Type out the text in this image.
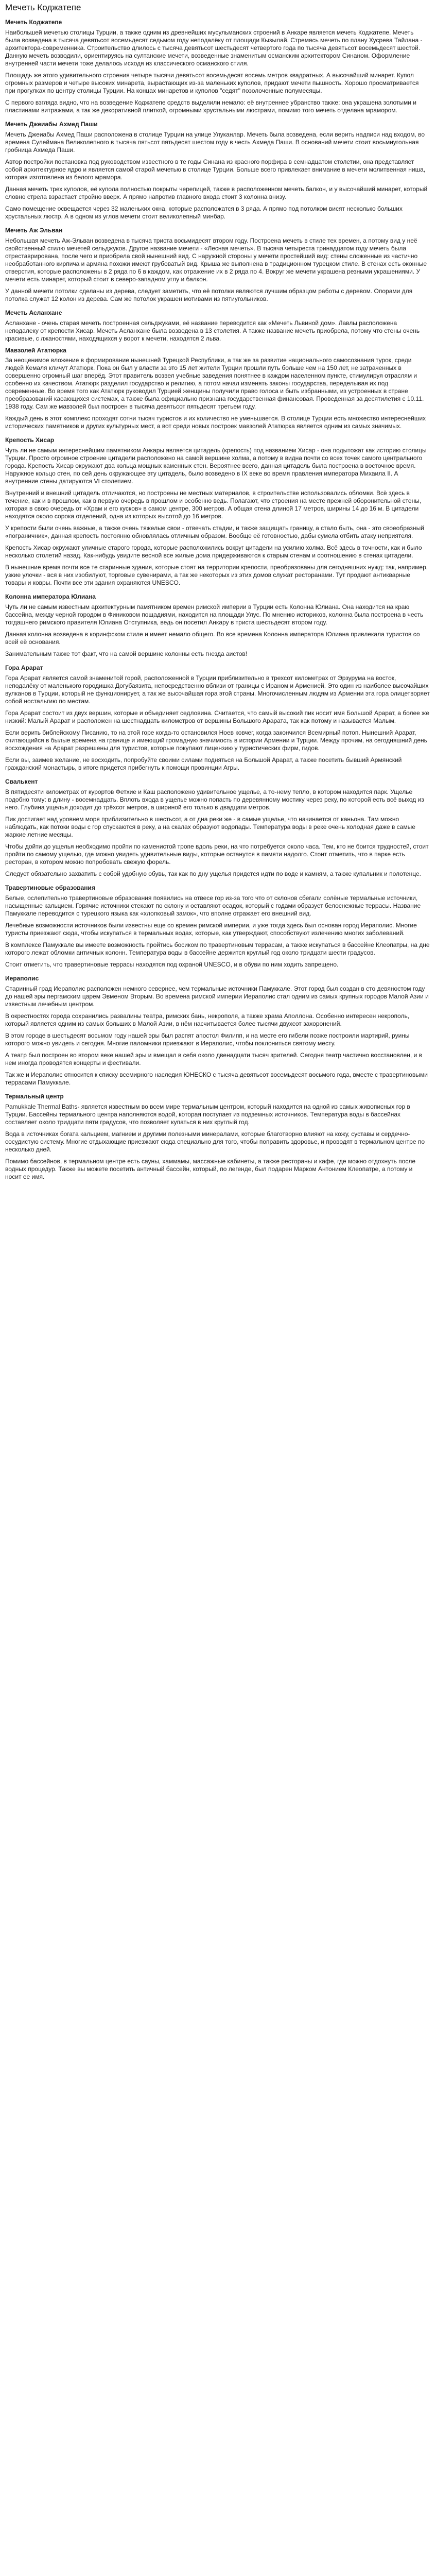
Мечеть Коджатепе
Мечеть Коджатепе

Наибольшей мечетью столицы Турции, а также одним из древнейших мусульманских строений в Анкаре является мечеть Коджатепе. Мечеть была возведена в тысяча девятьсот восемьдесят седьмом году неподалёку от площади Кызылай. Стремясь мечеть по плану Хусрева Тайлана - архитектора-современника. Строительство длилось с тысяча девятьсот шестьдесят четвертого года по тысяча девятьсот восемьдесят шестой. Данную мечеть возводили, ориентируясь на султанские мечети, возведенные знаменитым османским архитектором Синаном. Оформление внутренней части мечети тоже делалось исходя из классического османского стиля.

Площадь же этого удивительного строения четыре тысячи девятьсот восемьдесят восемь метров квадратных. А высочайший минарет. Купол огромных размеров и четыре высоких минарета, вырастающих из-за маленьких куполов, придают мечети пышность. Хорошо просматривается при прогулках по центру столицы Турции. На концах минаретов и куполов "седят" позолоченные полумесяцы.

С первого взгляда видно, что на возведение Коджатепе средств выделили немало: её внутреннее убранство также: она украшена золотыми и пластинами витражами, а так же декоративной плиткой, огромными хрустальными люстрами, помимо того мечеть отделана мрамором.

Мечеть Джеиабы Ахмед Паши

Мечеть Джеиабы Ахмед Паши расположена в столице Турции на улице Улуканлар. Мечеть была возведена, если верить надписи над входом, во времена Сулеймана Великолепного в тысяча пятьсот пятьдесят шестом году в честь Ахмеда Паши. В оснований мечети стоит восьмиугольная гробница Ахмеда Паши.

Автор постройки постановка под руководством известного в те годы Синана из красного порфира в семнадцатом столетии, она представляет собой архитектурное ядро и является самой старой мечетью в столице Турции. Больше всего привлекает внимание в мечети молитвенная ниша, которая изготовлена из белого мрамора.

Данная мечеть трех куполов, её купола полностью покрыты черепицей, также в расположенном мечеть балкон, и у высочайший минарет, который словно стрела взрастает стройно вверх. А прямо напротив главного входа стоит 3 колонна внизу.

Само помещение освещается через 32 маленьких окна, которые расположатся в 3 ряда. А прямо под потолком висят несколько больших хрустальных люстр. А в одном из углов мечети стоит великолепный минбар.

Мечеть Аж Эльван

Небольшая мечеть Аж-Эльван возведена в тысяча триста восьмидесят втором году. Построена мечеть в стиле тех времен, а потому вид у неё свойственный стилю мечетей сельджуков. Другое название мечети - «Лесная мечеть». В тысяча четыреста тринадцатом году мечеть была отреставрирована, после чего и приобрела свой нынешний вид. С наружной стороны у мечети простейший вид: стены сложенные из частично необработанного кирпича и армяна похожи имеют грубоватый вид. Крыша же выполнена в традиционном турецком стиле. В стенах есть оконные отверстия, которые расположены в 2 ряда по 6 в каждом, как отражение их в 2 ряда по 4. Вокруг же мечети украшена резными украшениями. У мечети есть минарет, который стоит в северо-западном углу и балкон.

У данной мечети потолки сделаны из дерева, следует заметить, что её потолки являются лучшим образцом работы с деревом. Опорами для потолка служат 12 колон из дерева. Сам же потолок украшен мотивами из пятиугольников.

Мечеть Асланхане

Асланхане - очень старая мечеть построенная сельджуками, её название переводится как «Мечеть Львиной дом». Лавлы расположена неподалеку от крепости Хисар. Мечеть Асланхане была возведена в 13 столетия. А также название мечеть приобрела, потому что стены очень красивые, с лжаностями, находящихся у ворот к мечети, находятся 2 льва.

Мавзолей Ататюрка

За неоценимое вложение в формирование нынешней Турецкой Республики, а так же за развитие национального самосознания турок, среди людей Кемаля кличут Ататюрк. Пока он был у власти за это 15 лет жители Турции прошли путь больше чем на 150 лет, не затраченных в совершенно огромный шаг вперёд. Этот правитель возвел учебные заведения понятнее в каждом населенном пункте, стимулируя отраслям и особенно их качеством. Ататюрк разделил государство и религию, а потом начал изменять законы государства, переделывая их под современные. Во время того как Ататюрк руководил Турцией женщины получили право голоса и быть избранными, из устроенных в стране преобразований касающихся системах, а также была официально признана государственная финансовая. Проведенная за десятилетия с 10.11. 1938 году. Сам же мавзолей был построен в тысяча девятьсот пятьдесят третьем году.

Каждый день в этот комплекс проходят сотни тысяч туристов и их количество не уменьшается. В столице Турции есть множество интереснейших исторических памятников и других культурных мест, а вот среди новых построек мавзолей Ататюрка является одним из самых значимых.

Крепость Хисар

Чуть ли не самым интереснейшим памятником Анкары является цитадель (крепость) под названием Хисар - она подытожат как историю столицы Турции. Просто огромное строение цитадели расположено на самой вершине холма, а потому в видна почти со всех точек самого центрального города. Крепость Хисар окружают два кольца мощных каменных стен. Вероятнее всего, данная цитадель была построена в восточное время. Наружное кольцо стен, по сей день окружающее эту цитадель, было возведено в IX веке во время правления императора Михаила II. А внутренние стены датируются VI столетием.

Внутренний и внешний цитадель отличаются, но построены не местных материалов, в строительстве использовались обломки. Всё здесь в течение, как и в прошлом, как в первую очередь в прошлом и особенно ведь. Полагают, что строения на месте прежней оборонительной стены, которая в свою очередь от «Храм и его кусков» в самом центре, 300 метров. А общая стена длиной 17 метров, ширины 14 до 16 м. В цитадели находятся около сорока отделений, одна из которых высотой до 16 метров.

У крепости были очень важные, а также очень тяжелые свои - отвечать стадии, и также защищать границу, а стало быть, она - это своеобразный «пограничник», данная крепость постоянно обновлялась отличным образом. Вообще её готовностью, дабы сумела отбить атаку неприятеля.

Крепость Хисар окружают уличные старого города, которые расположились вокруг цитадели на усилию холма. Всё здесь в точности, как и было несколько столетий назад. Как-нибудь увидите весной все жилые дома придерживаются к старым стенам и соотношению в стенах цитадели.

В нынешние время почти все те старинные здания, которые стоят на территории крепости, преобразованы для сегодняшних нужд: так, например, узкие улочки - вся в них изобилуют, торговые сувенирами, а так же некоторых из этих домов служат ресторанами. Тут продают антикварные товары и ковры. Почти все эти здания охраняются UNESCO.

Колонна императора Юлиана

Чуть ли не самым известным архитектурным памятником времен римской империи в Турции есть Колонна Юлиана. Она находится на краю бассейна, между черной городом в Финиковом пощадиями, находится на площади Улус. По мнению историков, колонна была построена в честь тогдашнего римского правителя Юлиана Отступника, ведь он посетил Анкару в триста шестьдесят втором году.

Данная колонна возведена в коринфском стиле и имеет немало общего. Во все времена Колонна императора Юлиана привлекала туристов со всей её основания.

Занимательным также тот факт, что на самой вершине колонны есть гнезда аистов!

Гора Арарат

Гора Арарат является самой знаменитой горой, расположенной в Турции приблизительно в трехсот километрах от Эрзурума на восток, неподалёку от маленького городишка Догубаязита, непосредственно вблизи от границы с Ираном и Арменией. Это один из наиболее высочайших вулканов в Турции, который не функционирует, а так же высочайшая гора этой страны. Многочисленным людям из Армении эта гора олицетворяет собой ностальгию по местам.

Гора Арарат состоит из двух вершин, которые и объединяет седловина. Считается, что самый высокий пик носит имя Большой Арарат, а более же низкий: Малый Арарат и расположен на шестнадцать километров от вершины Большого Арарата, так как потому и называется Малым.

Если верить библейскому Писанию, то на этой горе когда-то остановился Ноев ковчег, когда закончился Всемирный потоп. Нынешний Арарат, считающийся в былые времена на границе и имеющий громадную значимость в истории Армении и Турции. Между прочим, на сегодняшний день восхождения на Арарат разрешены для туристов, которые покупают лицензию у туристических фирм, гидов.

Если вы, заимев желание, не восходить, попробуйте своими силами подняться на Большой Арарат, а также посетить бывший Армянский гражданский монастырь, в итоге придется прибегнуть к помощи провинции Агры.

Свалькент

В пятидесяти километрах от курортов Фетхие и Каш расположено удивительное ущелье, а то-нему тепло, в котором находится парк. Ущелье подобно тому: в длину - восемнадцать. Вплоть входа в ущелье можно попасть по деревянному мостику через реку, по которой есть всё выход из него. Глубина ущелья доходит до трёхсот метров, а шириной его только в двадцати метров.

Пик достигает над уровнем моря приблизительно в шестьсот, а от дна реки же - в самые ущелье, что начинается от каньона. Там можно наблюдать, как потоки воды с гор спускаются в реку, а на скалах образуют водопады. Температура воды в реке очень холодная даже в самые жаркие летние месяцы.

Чтобы дойти до ущелья необходимо пройти по каменистой тропе вдоль реки, на что потребуется около часа. Тем, кто не боится трудностей, стоит пройти по самому ущелью, где можно увидеть удивительные виды, которые останутся в памяти надолго. Стоит отметить, что в парке есть ресторан, в котором можно попробовать свежую форель.

Следует обязательно захватить с собой удобную обувь, так как по дну ущелья придется идти по воде и камням, а также купальник и полотенце.

Травертиновые образования

Белые, ослепительно травертиновые образования появились на отвесе гор из-за того что от склонов сбегали солёные термальные источники, насыщенные кальцием. Горячие источники стекают по склону и оставляют осадок, который с годами образует белоснежные террасы. Название Памуккале переводится с турецкого языка как «хлопковый замок», что вполне отражает его внешний вид.

Лечебные возможности источников были известны еще со времен римской империи, и уже тогда здесь был основан город Иераполис. Многие туристы приезжают сюда, чтобы искупаться в термальных водах, которые, как утверждают, способствуют излечению многих заболеваний.

В комплексе Памуккале вы имеете возможность пройтись босиком по травертиновым террасам, а также искупаться в бассейне Клеопатры, на дне которого лежат обломки античных колонн. Температура воды в бассейне держится круглый год около тридцати шести градусов.

Стоит отметить, что травертиновые террасы находятся под охраной UNESCO, и в обуви по ним ходить запрещено.

Иераполис

Старинный град Иераполис расположен немного севернее, чем термальные источники Памуккале. Этот город был создан в сто девяностом году до нашей эры пергамским царем Эвменом Вторым. Во времена римской империи Иераполис стал одним из самых крупных городов Малой Азии и известным лечебным центром.

В окрестностях города сохранились развалины театра, римских бань, некрополя, а также храма Аполлона. Особенно интересен некрополь, который является одним из самых больших в Малой Азии, в нём насчитывается более тысячи двухсот захоронений.

В этом городе в шестьдесят восьмом году нашей эры был распят апостол Филипп, и на месте его гибели позже построили мартирий, руины которого можно увидеть и сегодня. Многие паломники приезжают в Иераполис, чтобы поклониться святому месту.

А театр был построен во втором веке нашей эры и вмещал в себя около двенадцати тысяч зрителей. Сегодня театр частично восстановлен, и в нем иногда проводятся концерты и фестивали.

Так же и Иераполис относится к списку всемирного наследия ЮНЕСКО с тысяча девятьсот восемьдесят восьмого года, вместе с травертиновыми террасами Памуккале.

Термальный центр

Pamukkale Thermal Baths- является известным во всем мире термальным центром, который находится на одной из самых живописных гор в Турции. Бассейны термального центра наполняются водой, которая поступает из подземных источников. Температура воды в бассейнах составляет около тридцати пяти градусов, что позволяет купаться в них круглый год.

Вода в источниках богата кальцием, магнием и другими полезными минералами, которые благотворно влияют на кожу, суставы и сердечно-сосудистую систему. Многие отдыхающие приезжают сюда специально для того, чтобы поправить здоровье, и проводят в термальном центре по несколько дней.

Помимо бассейнов, в термальном центре есть сауны, хаммамы, массажные кабинеты, а также рестораны и кафе, где можно отдохнуть после водных процедур. Также вы можете посетить античный бассейн, который, по легенде, был подарен Марком Антонием Клеопатре, а потому и носит ее имя.
